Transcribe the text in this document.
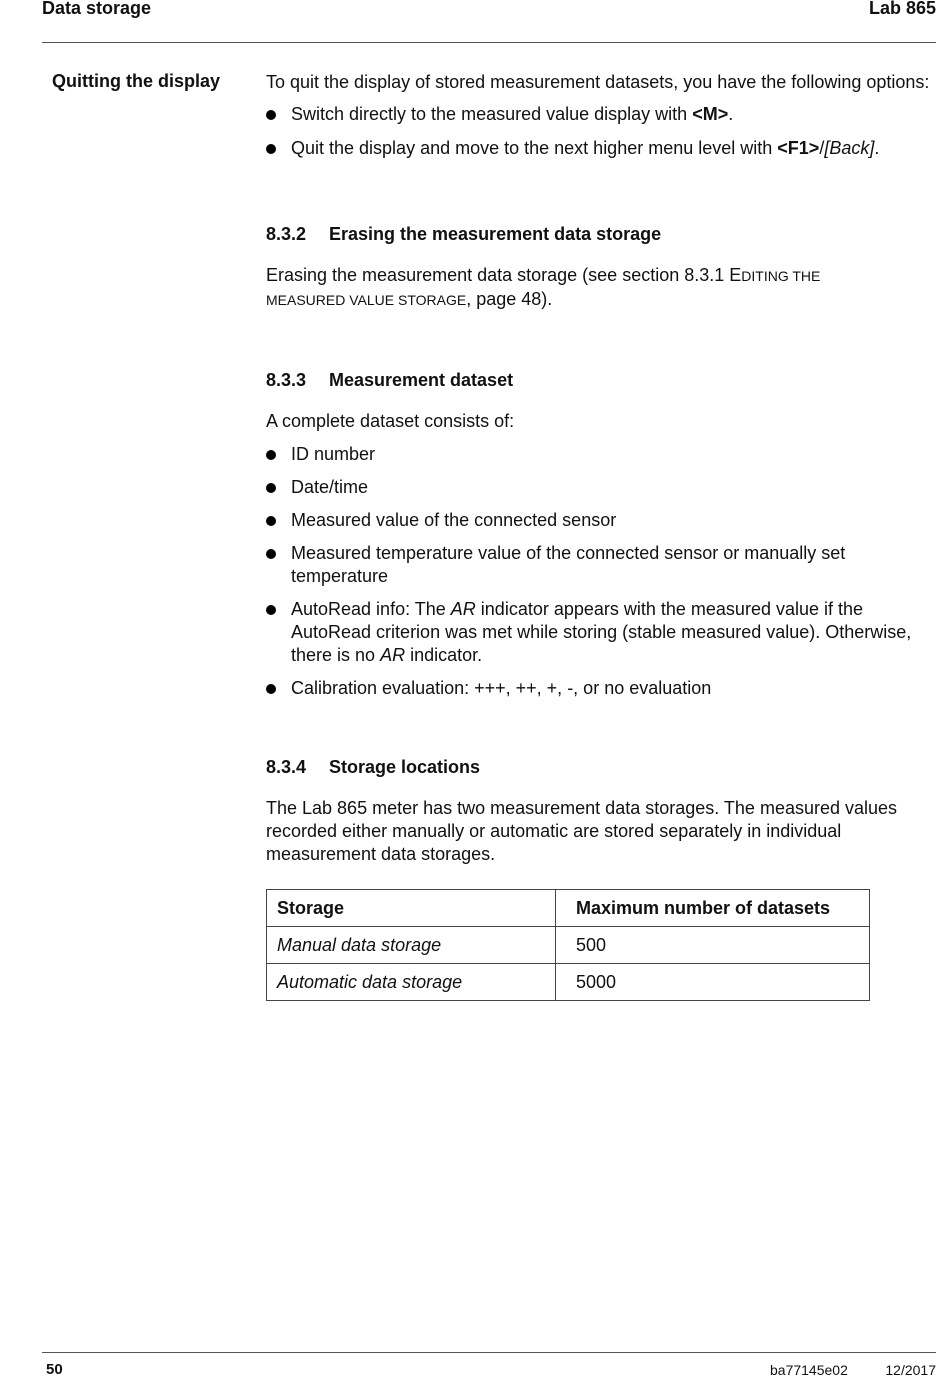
Data storage	Lab 865

Quitting the display	To quit the display of stored measurement datasets, you have the following options:

Switch directly to the measured value display with <M>.
Quit the display and move to the next higher menu level with <F1>/[Back].
8.3.2 Erasing the measurement data storage

Erasing the measurement data storage (see section 8.3.1 EDITING THE
MEASURED VALUE STORAGE, page 48).

8.3.3 Measurement dataset

A complete dataset consists of:

ID number
Date/time
Measured value of the connected sensor
Measured temperature value of the connected sensor or manually set temperature
AutoRead info: The AR indicator appears with the measured value if the AutoRead criterion was met while storing (stable measured value). Otherwise, there is no AR indicator.
Calibration evaluation: +++, ++, +, -, or no evaluation
8.3.4 Storage locations

The Lab 865 meter has two measurement data storages. The measured values recorded either manually or automatic are stored separately in individual measurement data storages.

Storage	Maximum number of datasets
Manual data storage	500
Automatic data storage	5000

50	ba77145e02	12/2017
